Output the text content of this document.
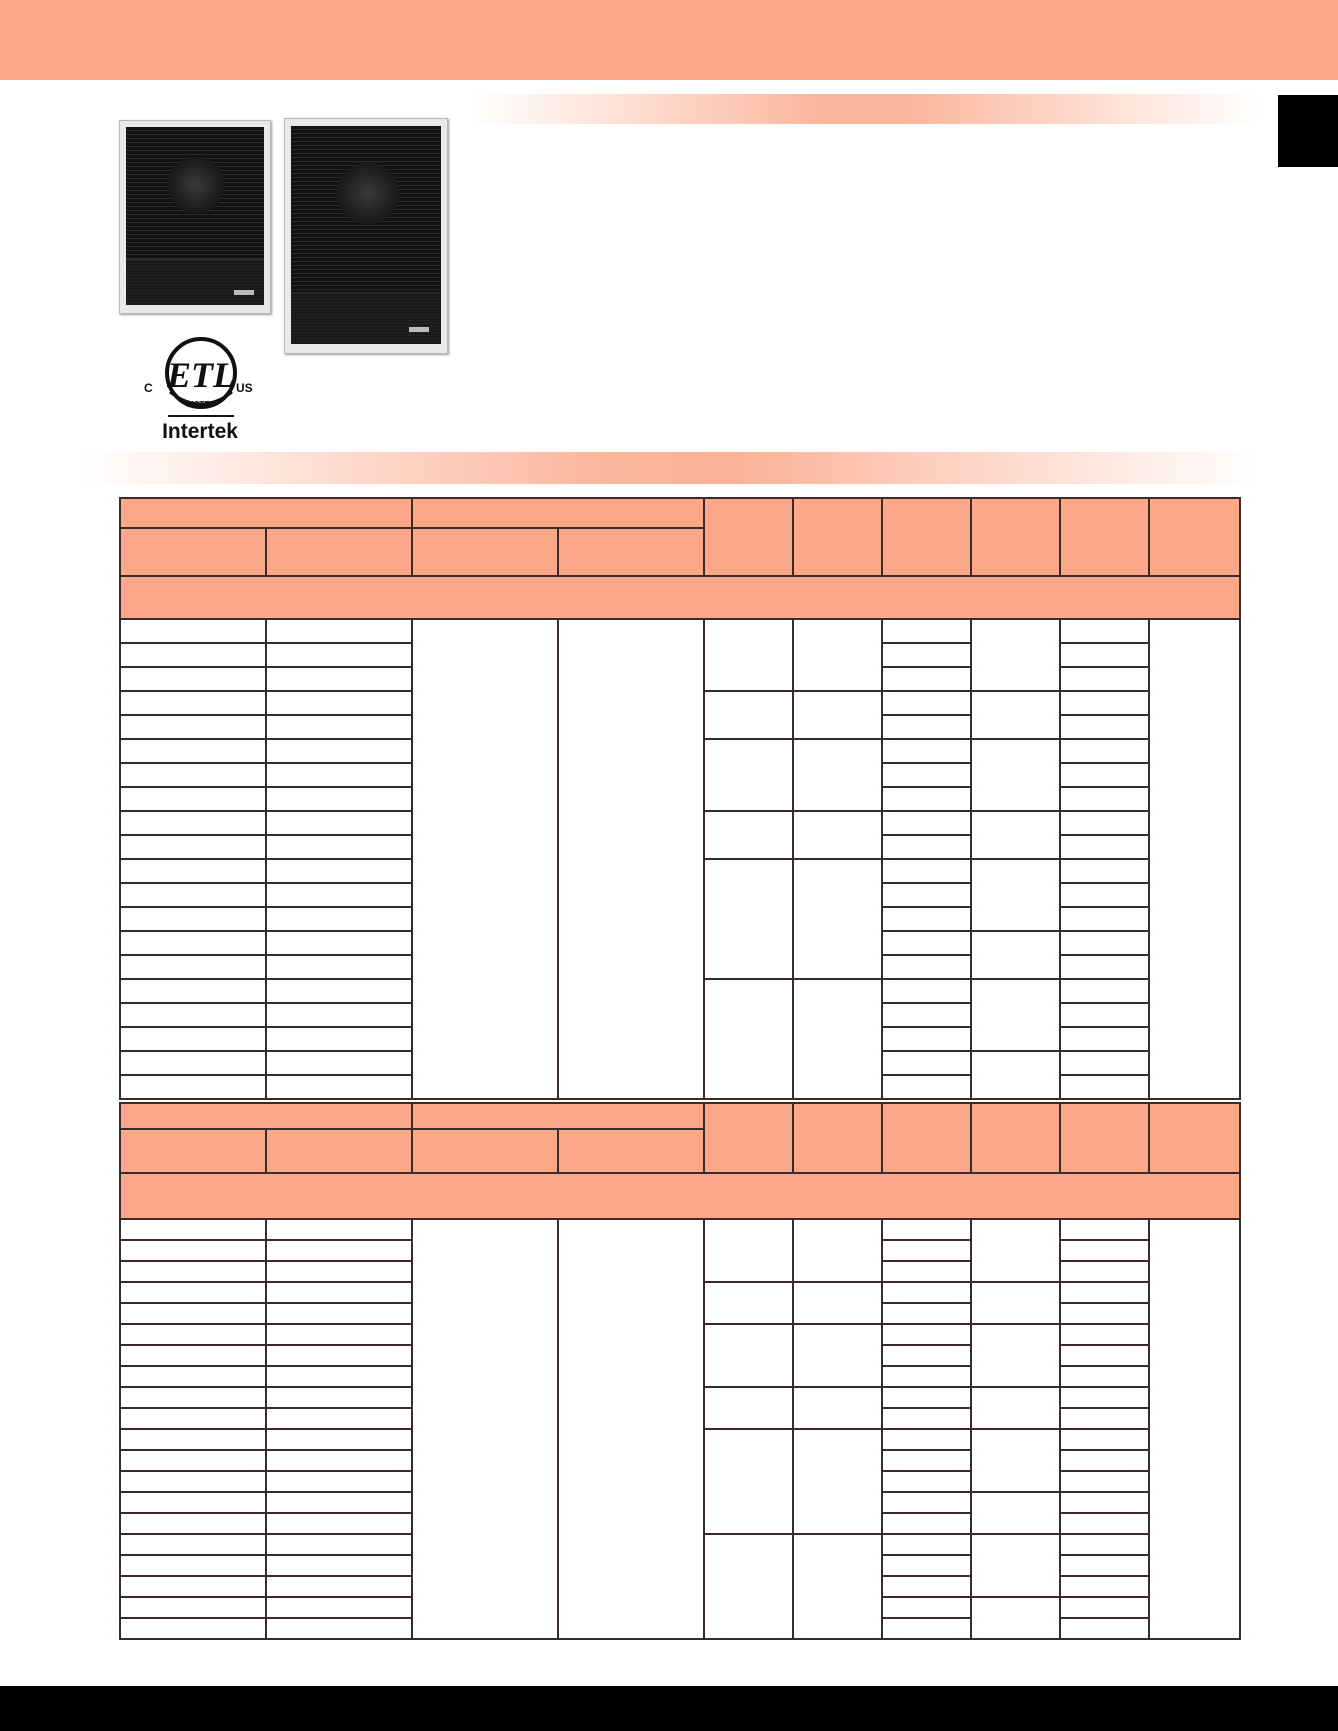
ETL
C	US
LISTED
Intertek
